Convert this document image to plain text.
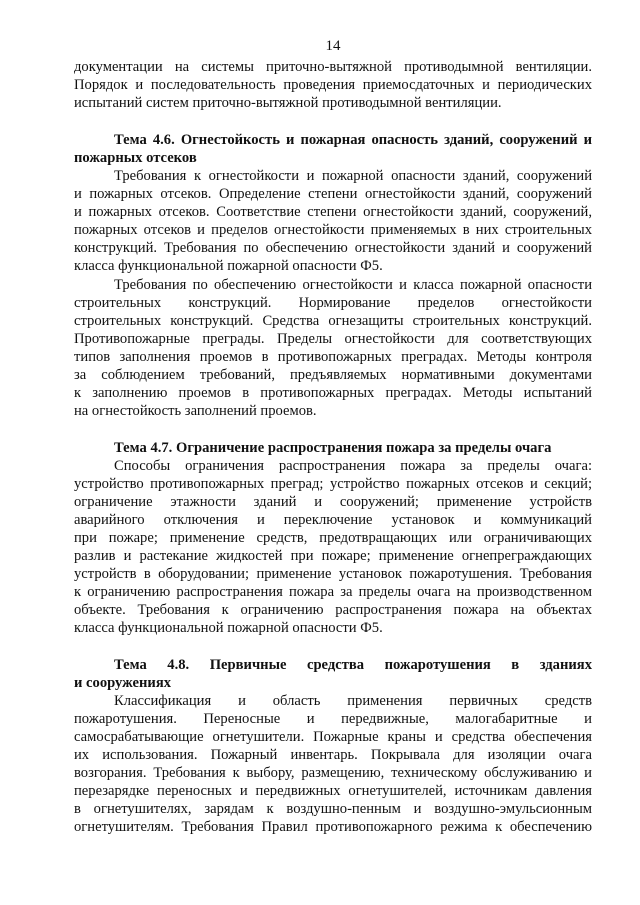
14
документации на системы приточно-вытяжной противодымной вентиляции.
Порядок и последовательность проведения приемосдаточных и периодических
испытаний систем приточно-вытяжной противодымной вентиляции.
Тема 4.6. Огнестойкость и пожарная опасность зданий, сооружений и
пожарных отсеков
Требования к огнестойкости и пожарной опасности зданий, сооружений
и пожарных отсеков. Определение степени огнестойкости зданий, сооружений
и пожарных отсеков. Соответствие степени огнестойкости зданий, сооружений,
пожарных отсеков и пределов огнестойкости применяемых в них строительных
конструкций. Требования по обеспечению огнестойкости зданий и сооружений
класса функциональной пожарной опасности Ф5.
Требования по обеспечению огнестойкости и класса пожарной опасности
строительных конструкций. Нормирование пределов огнестойкости
строительных конструкций. Средства огнезащиты строительных конструкций.
Противопожарные преграды. Пределы огнестойкости для соответствующих
типов заполнения проемов в противопожарных преградах. Методы контроля
за соблюдением требований, предъявляемых нормативными документами
к заполнению проемов в противопожарных преградах. Методы испытаний
на огнестойкость заполнений проемов.
Тема 4.7. Ограничение распространения пожара за пределы очага
Способы ограничения распространения пожара за пределы очага:
устройство противопожарных преград; устройство пожарных отсеков и секций;
ограничение этажности зданий и сооружений; применение устройств
аварийного отключения и переключение установок и коммуникаций
при пожаре; применение средств, предотвращающих или ограничивающих
разлив и растекание жидкостей при пожаре; применение огнепреграждающих
устройств в оборудовании; применение установок пожаротушения. Требования
к ограничению распространения пожара за пределы очага на производственном
объекте. Требования к ограничению распространения пожара на объектах
класса функциональной пожарной опасности Ф5.
Тема 4.8. Первичные средства пожаротушения в зданиях
и сооружениях
Классификация и область применения первичных средств
пожаротушения. Переносные и передвижные, малогабаритные и
самосрабатывающие огнетушители. Пожарные краны и средства обеспечения
их использования. Пожарный инвентарь. Покрывала для изоляции очага
возгорания. Требования к выбору, размещению, техническому обслуживанию и
перезарядке переносных и передвижных огнетушителей, источникам давления
в огнетушителях, зарядам к воздушно-пенным и воздушно-эмульсионным
огнетушителям. Требования Правил противопожарного режима к обеспечению
